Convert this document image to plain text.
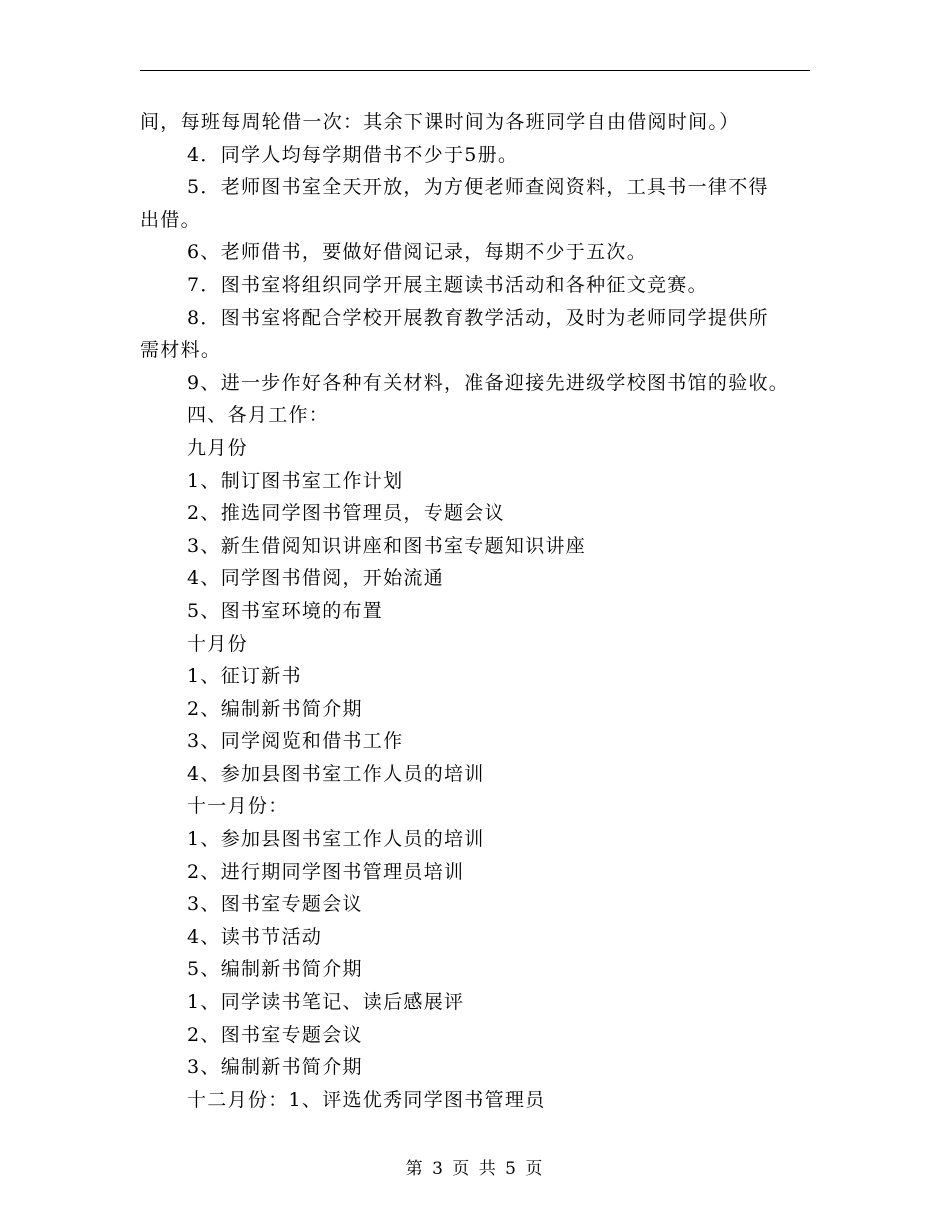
间，每班每周轮借一次：其余下课时间为各班同学自由借阅时间。）
4．同学人均每学期借书不少于5册。
5．老师图书室全天开放，为方便老师查阅资料，工具书一律不得
出借。
6、老师借书，要做好借阅记录，每期不少于五次。
7．图书室将组织同学开展主题读书活动和各种征文竞赛。
8．图书室将配合学校开展教育教学活动，及时为老师同学提供所
需材料。
9、进一步作好各种有关材料，准备迎接先进级学校图书馆的验收。
四、各月工作：
九月份
1、制订图书室工作计划
2、推选同学图书管理员，专题会议
3、新生借阅知识讲座和图书室专题知识讲座
4、同学图书借阅，开始流通
5、图书室环境的布置
十月份
1、征订新书
2、编制新书简介期
3、同学阅览和借书工作
4、参加县图书室工作人员的培训
十一月份：
1、参加县图书室工作人员的培训
2、进行期同学图书管理员培训
3、图书室专题会议
4、读书节活动
5、编制新书简介期
1、同学读书笔记、读后感展评
2、图书室专题会议
3、编制新书简介期
十二月份：1、评选优秀同学图书管理员
第 3 页 共 5 页
